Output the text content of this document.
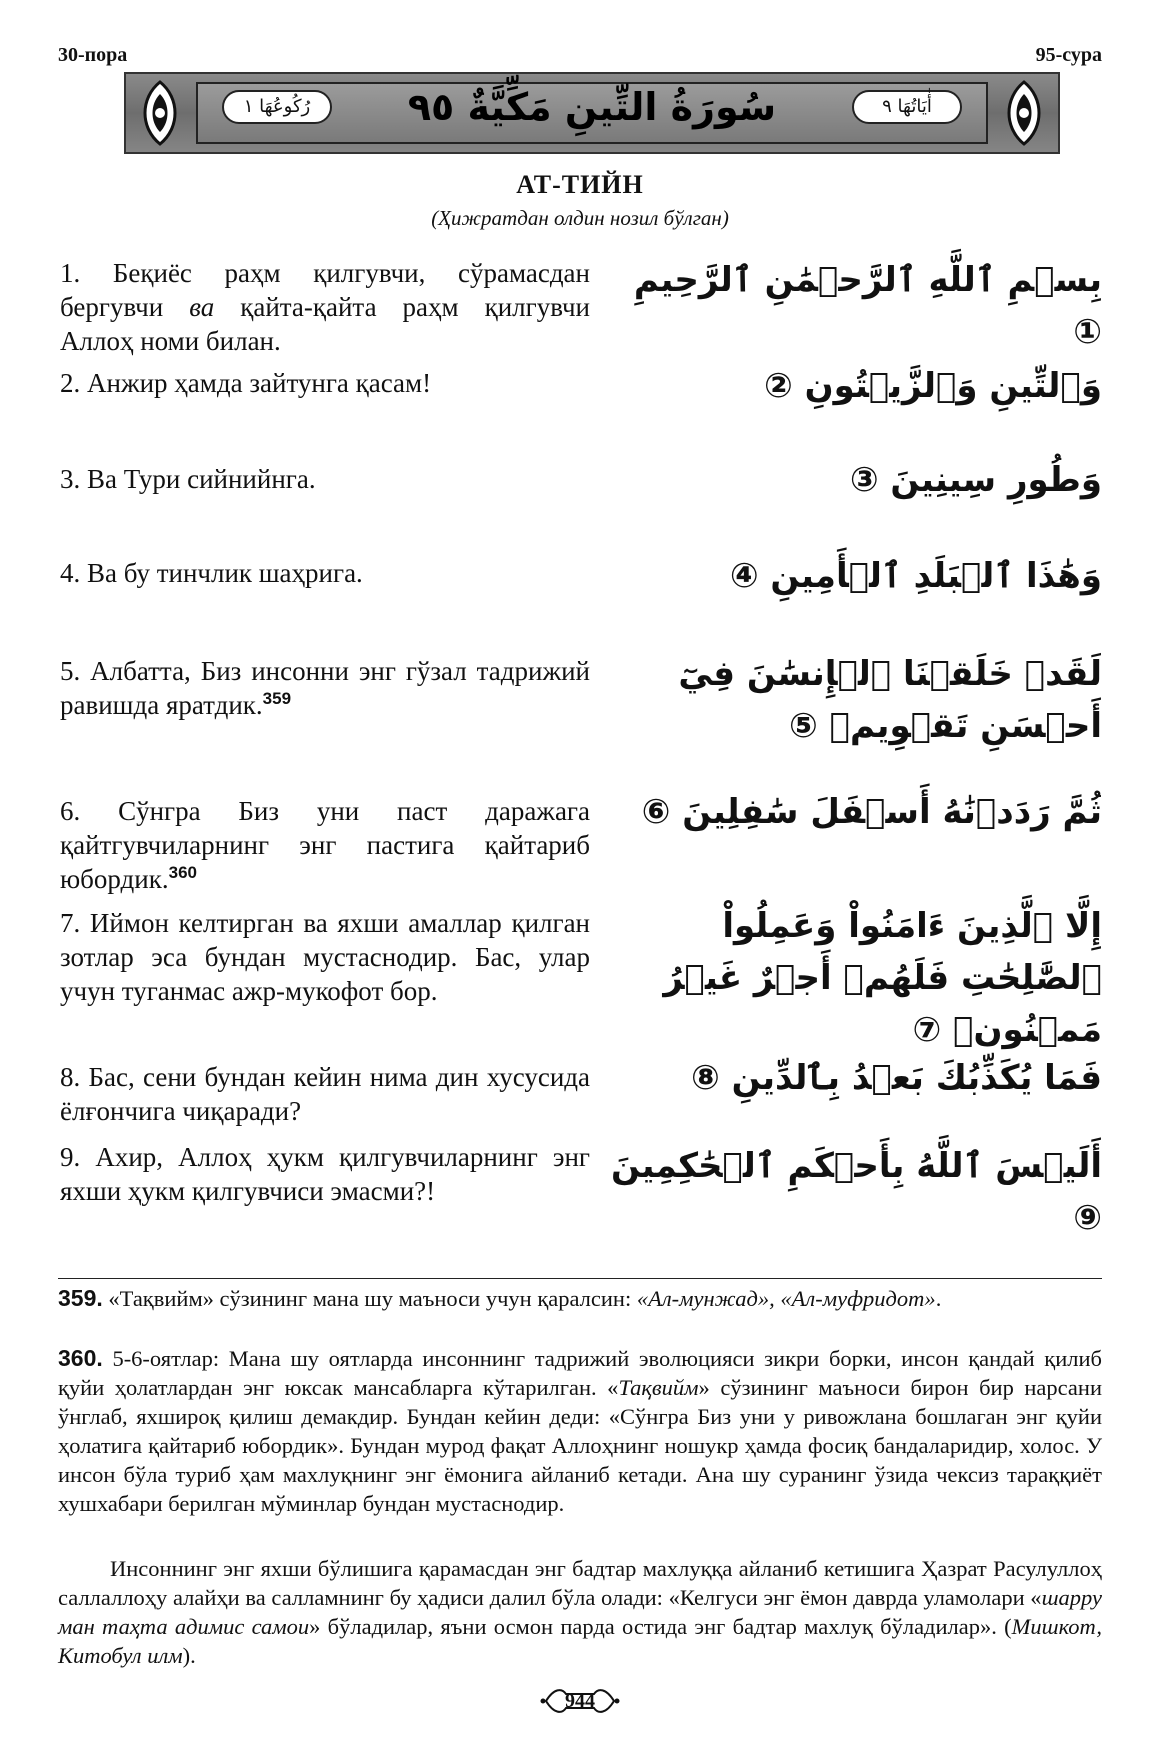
30-пора	95-сура
رُكُوعُهَا ١	سُورَةُ التِّينِ مَكِّيَّةٌ ٩٥	أٰيَاتُهَا ٩
АТ-ТИЙН
(Ҳижратдан олдин нозил бўлган)
1. Беқиёс раҳм қилгувчи, сўрамасдан бергувчи ва қайта-қайта раҳм қилгувчи Аллоҳ номи билан.
بِسۡمِ ٱللَّهِ ٱلرَّحۡمَٰنِ ٱلرَّحِيمِ ①
2. Анжир ҳамда зайтунга қасам!	وَٱلتِّينِ وَٱلزَّيۡتُونِ ②
3. Ва Тури сийнийнга.	وَطُورِ سِينِينَ ③
4. Ва бу тинчлик шаҳрига.	وَهَٰذَا ٱلۡبَلَدِ ٱلۡأَمِينِ ④
5. Албатта, Биз инсонни энг гўзал тадрижий равишда яратдик.$^{359}$
لَقَدۡ خَلَقۡنَا ٱلۡإِنسَٰنَ فِيٓ أَحۡسَنِ تَقۡوِيمٖ ⑤
6. Сўнгра Биз уни паст даражага қайтгувчиларнинг энг пастига қайтариб юбордик.$^{360}$
ثُمَّ رَدَدۡنَٰهُ أَسۡفَلَ سَٰفِلِينَ ⑥
7. Иймон келтирган ва яхши амаллар қилган зотлар эса бундан мустаснодир. Бас, улар учун туганмас ажр-мукофот бор.
إِلَّا ٱلَّذِينَ ءَامَنُواْ وَعَمِلُواْ ٱلصَّٰلِحَٰتِ فَلَهُمۡ أَجۡرٌ غَيۡرُ مَمۡنُونٖ ⑦
8. Бас, сени бундан кейин нима дин хусусида ёлғончига чиқаради?
فَمَا يُكَذِّبُكَ بَعۡدُ بِٱلدِّينِ ⑧
9. Ахир, Аллоҳ ҳукм қилгувчиларнинг энг яхши ҳукм қилгувчиси эмасми?!
أَلَيۡسَ ٱللَّهُ بِأَحۡكَمِ ٱلۡحَٰكِمِينَ ⑨
359. «Тақвийм» сўзининг мана шу маъноси учун қаралсин: «Ал-мунжад», «Ал-муфридот».
360. 5-6-оятлар: Мана шу оятларда инсоннинг тадрижий эволюцияси зикри борки, инсон қандай қилиб қуйи ҳолатлардан энг юксак мансабларга кўтарилган. «Тақвийм» сўзининг маъноси бирон бир нарсани ўнглаб, яхшироқ қилиш демакдир. Бундан кейин деди: «Сўнгра Биз уни у ривожлана бошлаган энг қуйи ҳолатига қайтариб юбордик». Бундан мурод фақат Аллоҳнинг ношукр ҳамда фосиқ бандаларидир, холос. У инсон бўла туриб ҳам махлуқнинг энг ёмонига айланиб кетади. Ана шу суранинг ўзида чексиз тараққиёт хушхабари берилган мўминлар бундан мустаснодир.
Инсоннинг энг яхши бўлишига қарамасдан энг бадтар махлуққа айланиб кетишига Ҳазрат Расулуллоҳ саллаллоҳу алайҳи ва салламнинг бу ҳадиси далил бўла олади: «Келгуси энг ёмон даврда уламолари «шарру ман таҳта адимис самои» бўладилар, яъни осмон парда остида энг бадтар махлуқ бўладилар». (Мишкот, Китобул илм).
944
